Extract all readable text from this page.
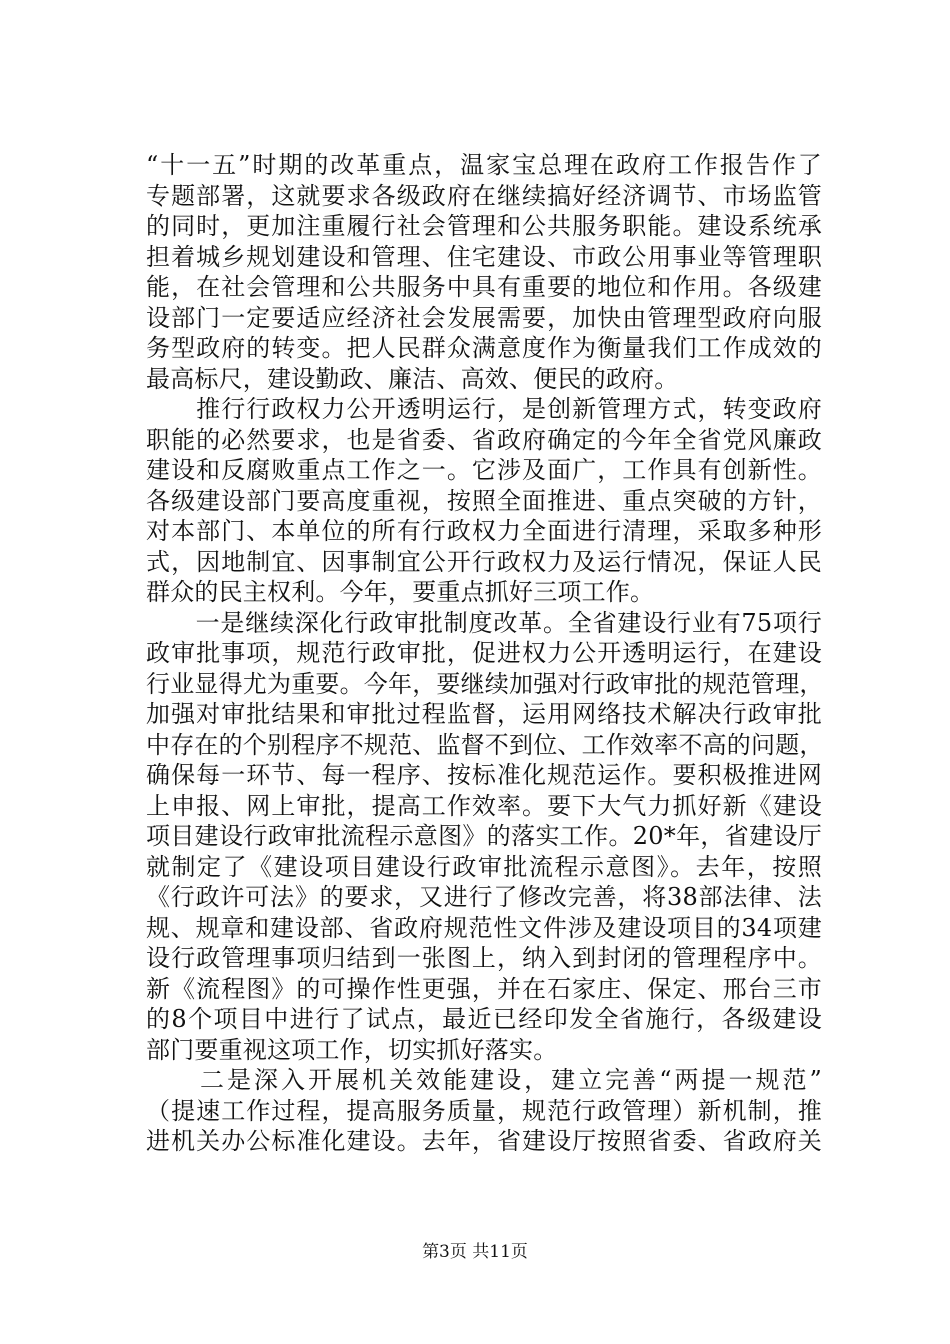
“十一五”时期的改革重点，温家宝总理在政府工作报告作了
专题部署，这就要求各级政府在继续搞好经济调节、市场监管
的同时，更加注重履行社会管理和公共服务职能。建设系统承
担着城乡规划建设和管理、住宅建设、市政公用事业等管理职
能，在社会管理和公共服务中具有重要的地位和作用。各级建
设部门一定要适应经济社会发展需要，加快由管理型政府向服
务型政府的转变。把人民群众满意度作为衡量我们工作成效的
最高标尺，建设勤政、廉洁、高效、便民的政府。
　　推行行政权力公开透明运行，是创新管理方式，转变政府
职能的必然要求，也是省委、省政府确定的今年全省党风廉政
建设和反腐败重点工作之一。它涉及面广，工作具有创新性。
各级建设部门要高度重视，按照全面推进、重点突破的方针，
对本部门、本单位的所有行政权力全面进行清理，采取多种形
式，因地制宜、因事制宜公开行政权力及运行情况，保证人民
群众的民主权利。今年，要重点抓好三项工作。
　　一是继续深化行政审批制度改革。全省建设行业有75项行
政审批事项，规范行政审批，促进权力公开透明运行，在建设
行业显得尤为重要。今年，要继续加强对行政审批的规范管理，
加强对审批结果和审批过程监督，运用网络技术解决行政审批
中存在的个别程序不规范、监督不到位、工作效率不高的问题，
确保每一环节、每一程序、按标准化规范运作。要积极推进网
上申报、网上审批，提高工作效率。要下大气力抓好新《建设
项目建设行政审批流程示意图》的落实工作。20*年，省建设厅
就制定了《建设项目建设行政审批流程示意图》。去年，按照
《行政许可法》的要求，又进行了修改完善，将38部法律、法
规、规章和建设部、省政府规范性文件涉及建设项目的34项建
设行政管理事项归结到一张图上，纳入到封闭的管理程序中。
新《流程图》的可操作性更强，并在石家庄、保定、邢台三市
的8个项目中进行了试点，最近已经印发全省施行，各级建设
部门要重视这项工作，切实抓好落实。
　　二是深入开展机关效能建设，建立完善“两提一规范”
（提速工作过程，提高服务质量，规范行政管理）新机制，推
进机关办公标准化建设。去年，省建设厅按照省委、省政府关
第3页 共11页
